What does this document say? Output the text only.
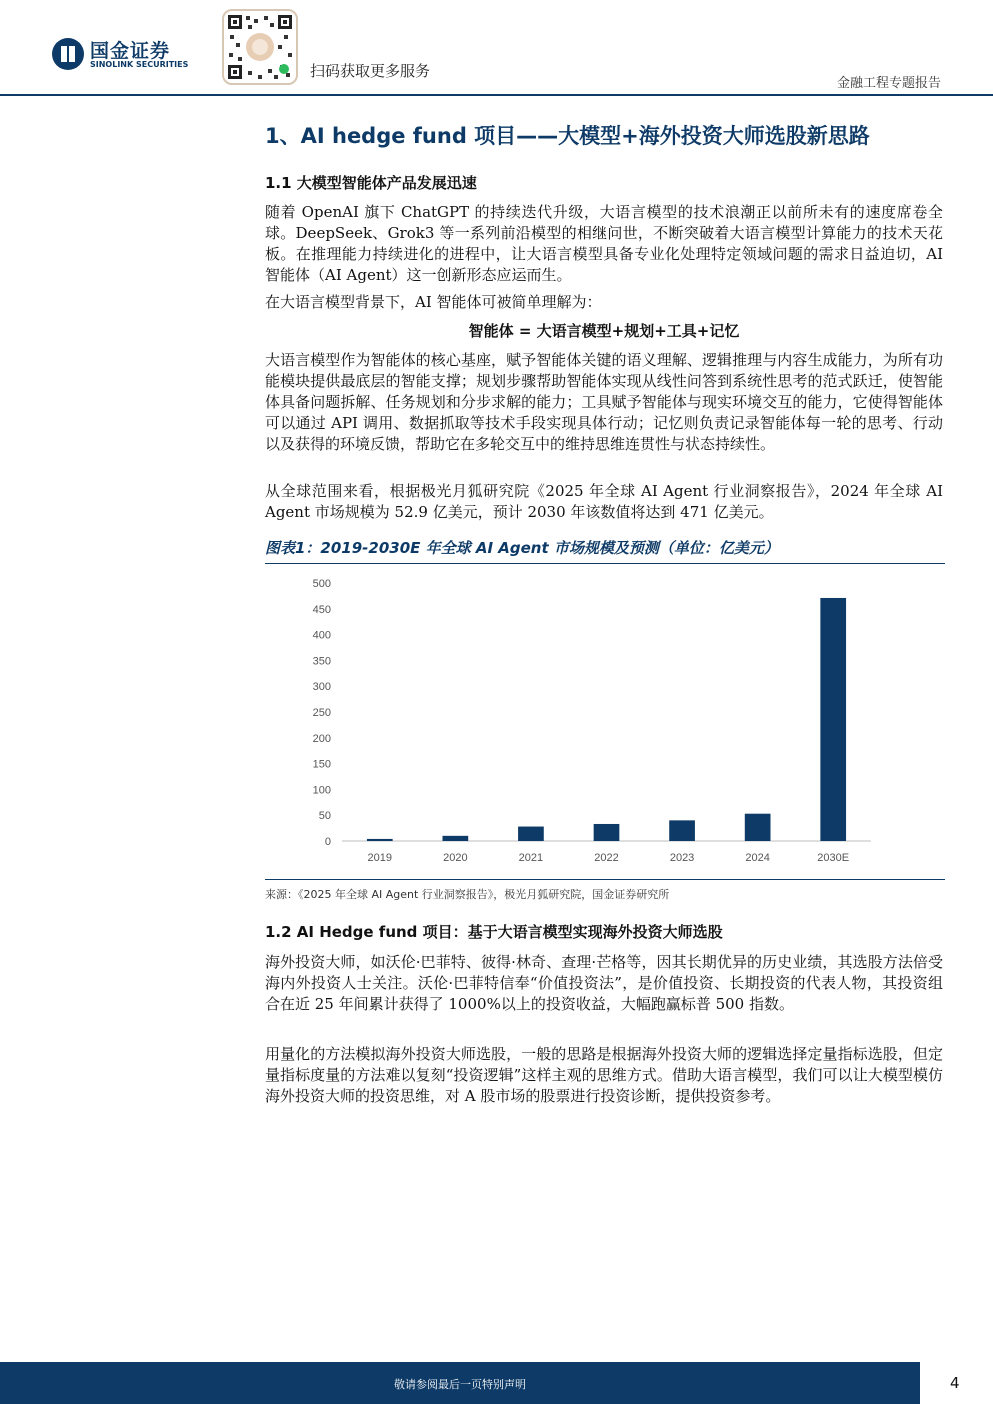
国金证券
SINOLINK SECURITIES	扫码获取更多服务
金融工程专题报告
1、AI hedge fund 项目——大模型+海外投资大师选股新思路
1.1 大模型智能体产品发展迅速
随着 OpenAI 旗下 ChatGPT 的持续迭代升级，大语言模型的技术浪潮正以前所未有的速度席卷全球。DeepSeek、Grok3 等一系列前沿模型的相继问世，不断突破着大语言模型计算能力的技术天花板。在推理能力持续进化的进程中，让大语言模型具备专业化处理特定领域问题的需求日益迫切，AI 智能体（AI Agent）这一创新形态应运而生。
在大语言模型背景下，AI 智能体可被简单理解为：
智能体 = 大语言模型+规划+工具+记忆
大语言模型作为智能体的核心基座，赋予智能体关键的语义理解、逻辑推理与内容生成能力，为所有功能模块提供最底层的智能支撑；规划步骤帮助智能体实现从线性问答到系统性思考的范式跃迁，使智能体具备问题拆解、任务规划和分步求解的能力；工具赋予智能体与现实环境交互的能力，它使得智能体可以通过 API 调用、数据抓取等技术手段实现具体行动；记忆则负责记录智能体每一轮的思考、行动以及获得的环境反馈，帮助它在多轮交互中的维持思维连贯性与状态持续性。
从全球范围来看，根据极光月狐研究院《2025 年全球 AI Agent 行业洞察报告》，2024 年全球 AI Agent 市场规模为 52.9 亿美元，预计 2030 年该数值将达到 471 亿美元。
1.2 AI Hedge fund 项目：基于大语言模型实现海外投资大师选股
海外投资大师，如沃伦·巴菲特、彼得·林奇、查理·芒格等，因其长期优异的历史业绩，其选股方法倍受海内外投资人士关注。沃伦·巴菲特信奉“价值投资法”，是价值投资、长期投资的代表人物，其投资组合在近 25 年间累计获得了 1000%以上的投资收益，大幅跑赢标普 500 指数。
用量化的方法模拟海外投资大师选股，一般的思路是根据海外投资大师的逻辑选择定量指标选股，但定量指标度量的方法难以复刻“投资逻辑”这样主观的思维方式。借助大语言模型，我们可以让大模型模仿海外投资大师的投资思维，对 A 股市场的股票进行投资诊断，提供投资参考。
图表1：2019-2030E 年全球 AI Agent 市场规模及预测（单位：亿美元）
0
50
100
150
200
250
300
350
400
450
500
2019	2020	2021	2022	2023	2024	2030E
来源：《2025 年全球 AI Agent 行业洞察报告》，极光月狐研究院，国金证券研究所
敬请参阅最后一页特别声明	4
